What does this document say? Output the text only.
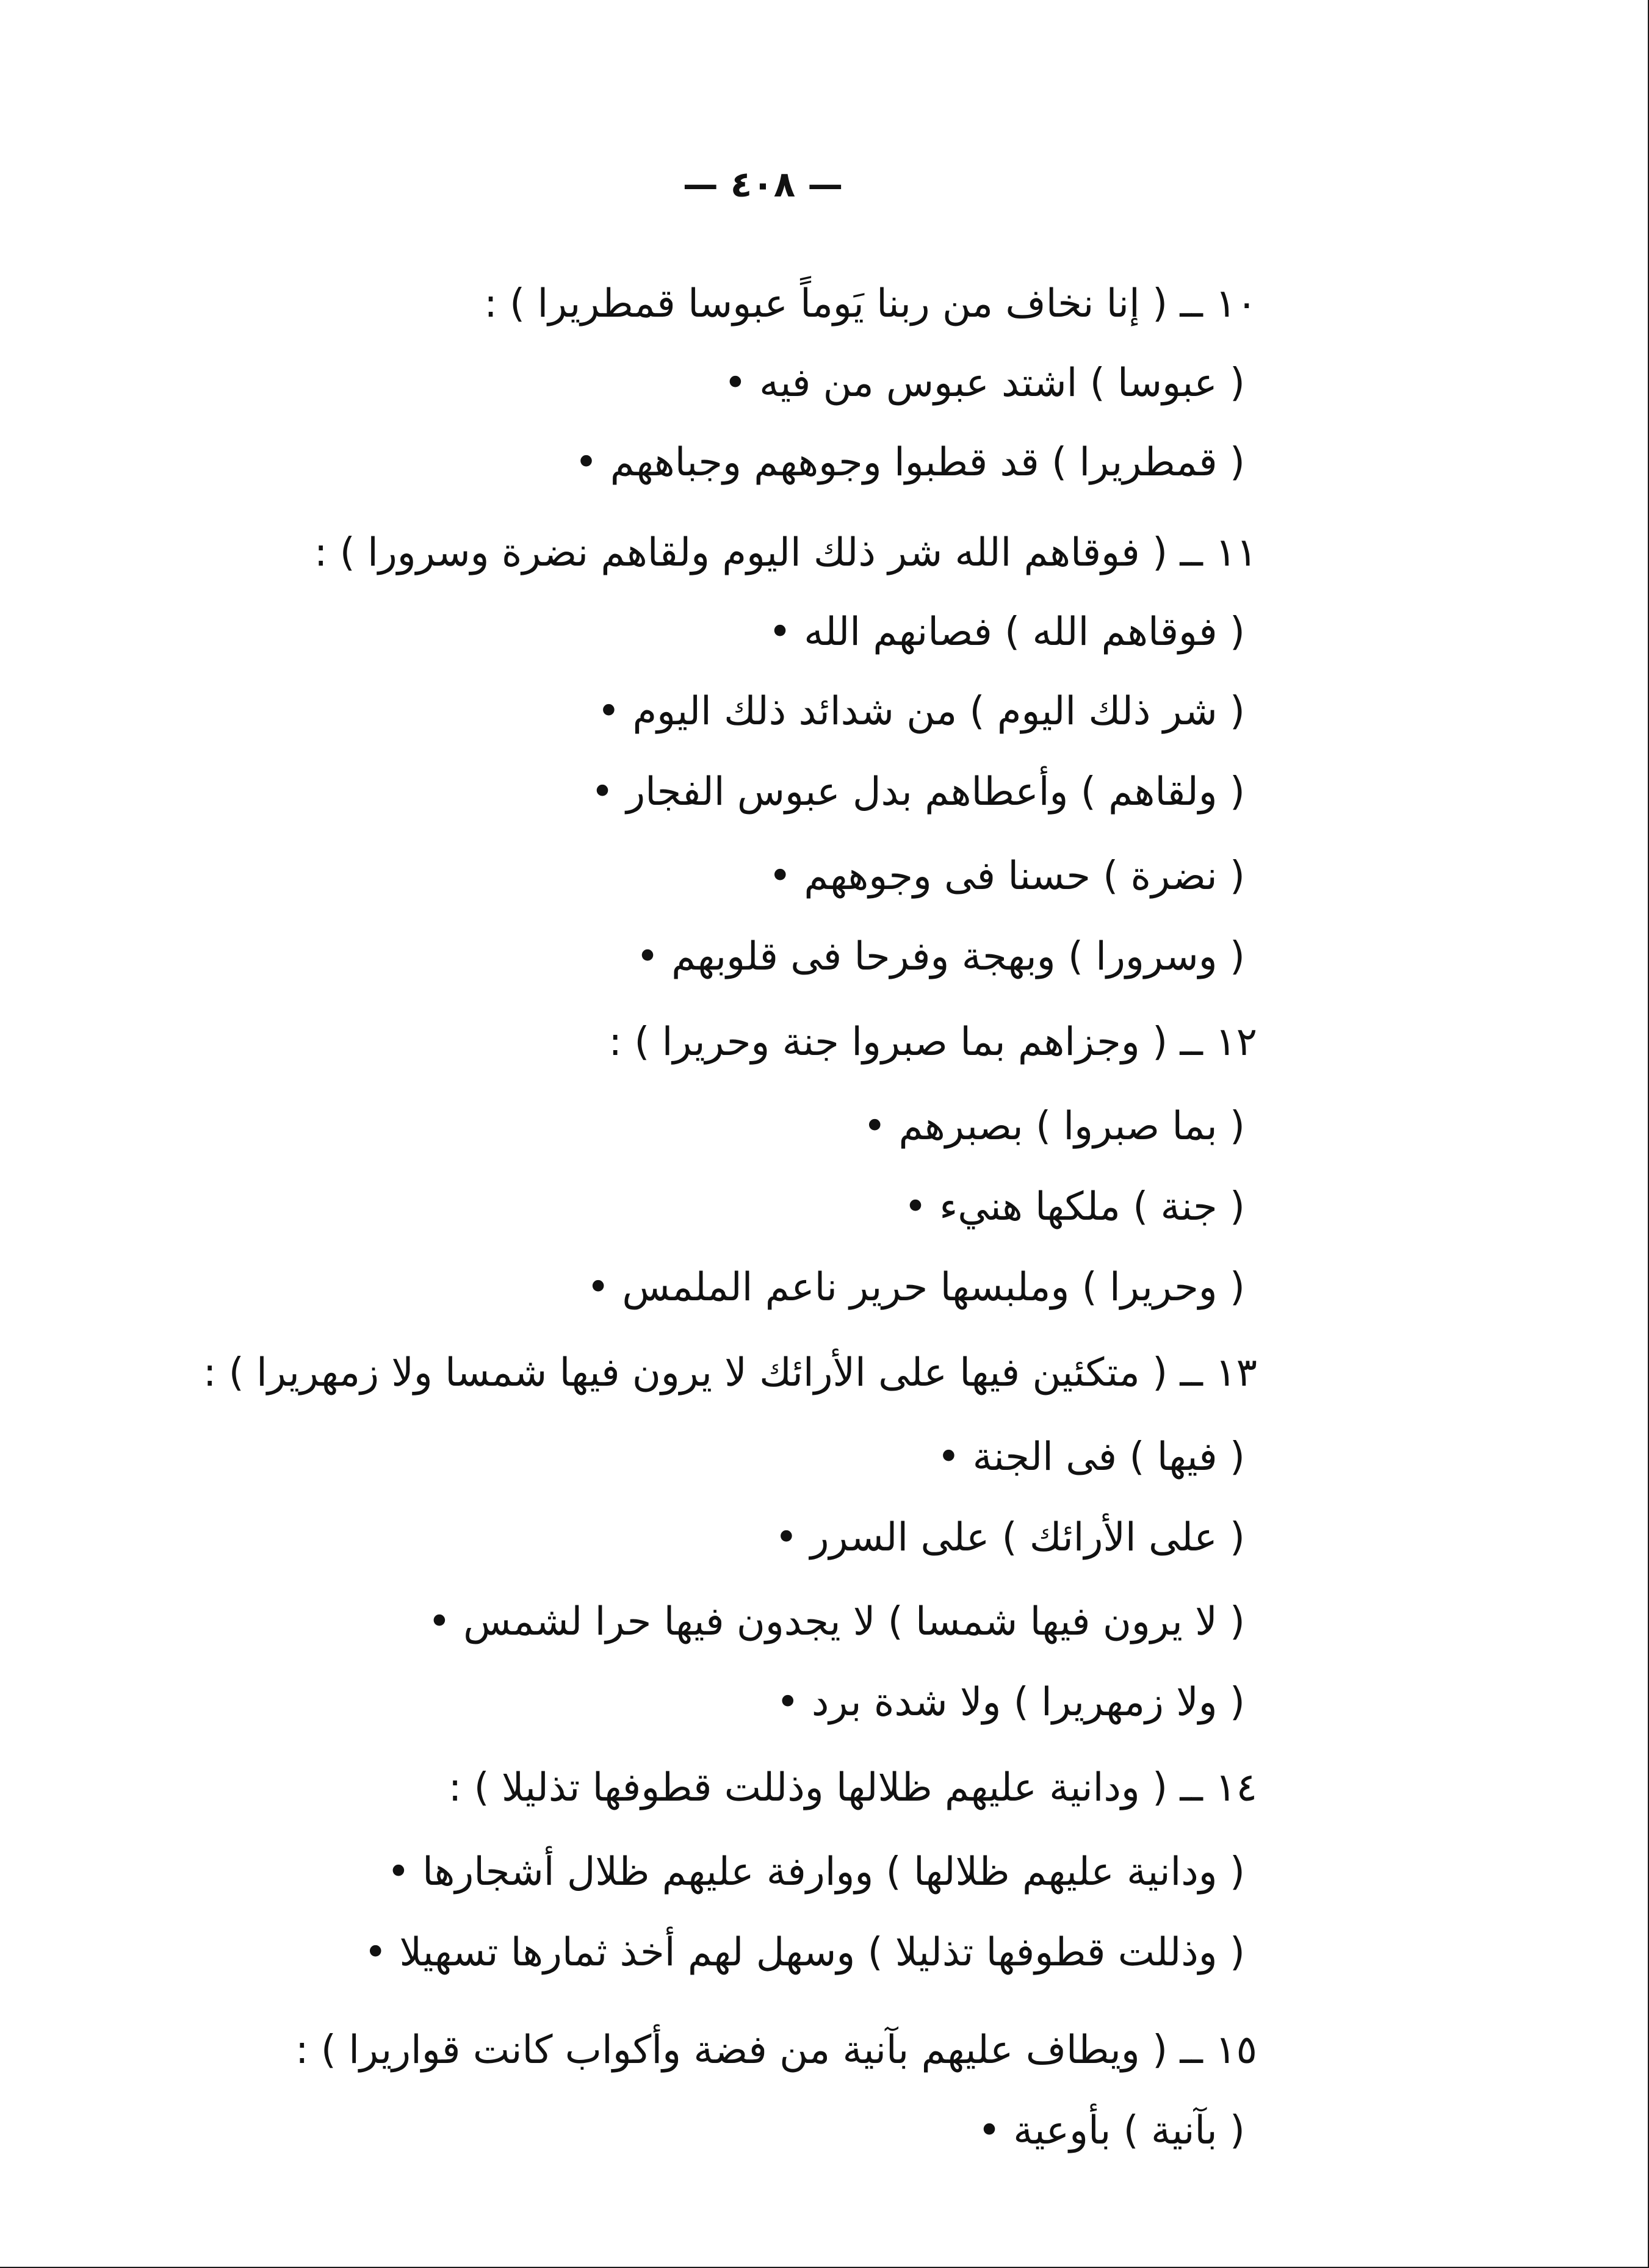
— ٤٠٨ —
١٠ ــ ( إنا نخاف من ربنا يَوماً عبوسا قمطريرا ) :
( عبوسا ) اشتد عبوس من فيه •
( قمطريرا ) قد قطبوا وجوههم وجباههم •
١١ ــ ( فوقاهم الله شر ذلك اليوم ولقاهم نضرة وسرورا ) :
( فوقاهم الله ) فصانهم الله •
( شر ذلك اليوم ) من شدائد ذلك اليوم •
( ولقاهم ) وأعطاهم بدل عبوس الفجار •
( نضرة ) حسنا فى وجوههم •
( وسرورا ) وبهجة وفرحا فى قلوبهم •
١٢ ــ ( وجزاهم بما صبروا جنة وحريرا ) :
( بما صبروا ) بصبرهم •
( جنة ) ملكها هنيء •
( وحريرا ) وملبسها حرير ناعم الملمس •
١٣ ــ ( متكئين فيها على الأرائك لا يرون فيها شمسا ولا زمهريرا ) :
( فيها ) فى الجنة •
( على الأرائك ) على السرر •
( لا يرون فيها شمسا ) لا يجدون فيها حرا لشمس •
( ولا زمهريرا ) ولا شدة برد •
١٤ ــ ( ودانية عليهم ظلالها وذللت قطوفها تذليلا ) :
( ودانية عليهم ظلالها ) ووارفة عليهم ظلال أشجارها •
( وذللت قطوفها تذليلا ) وسهل لهم أخذ ثمارها تسهيلا •
١٥ ــ ( ويطاف عليهم بآنية من فضة وأكواب كانت قواريرا ) :
( بآنية ) بأوعية •
